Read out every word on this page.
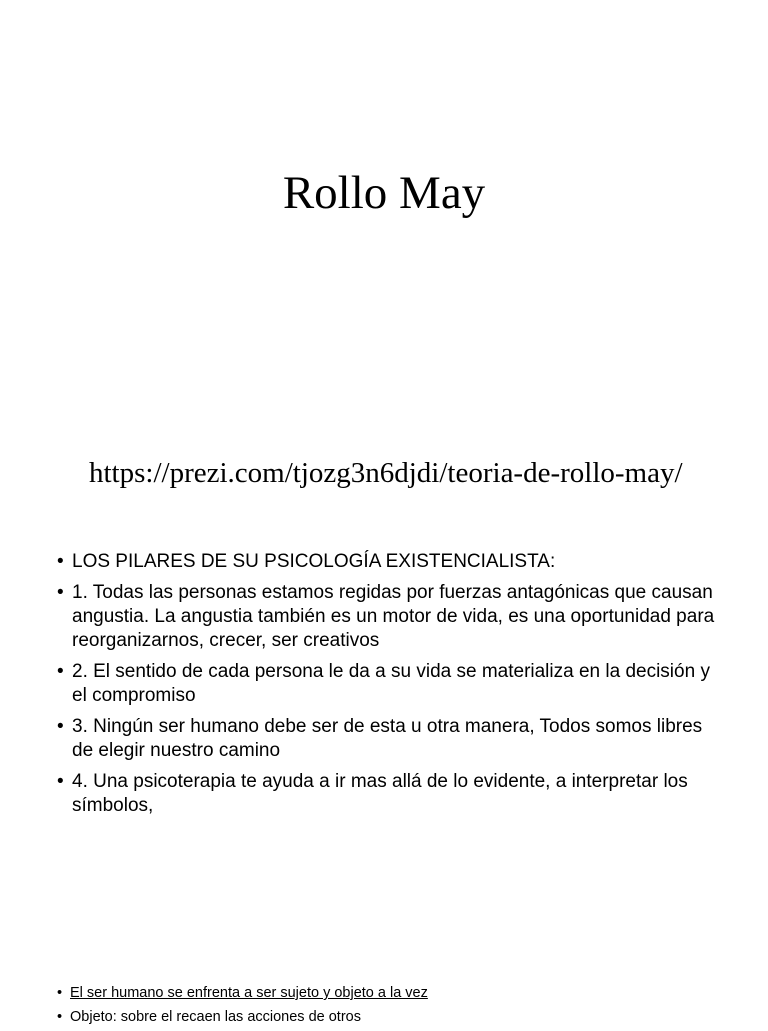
Rollo May
https://prezi.com/tjozg3n6djdi/teoria-de-rollo-may/
• LOS PILARES DE SU PSICOLOGÍA EXISTENCIALISTA:
• 1. Todas las personas estamos regidas por fuerzas antagónicas que causan angustia. La angustia también es un motor de vida, es una oportunidad para reorganizarnos, crecer, ser creativos
• 2. El sentido de cada persona le da a su vida se materializa en la decisión y el compromiso
• 3. Ningún ser humano debe ser de esta u otra manera, Todos somos libres de elegir nuestro camino
• 4. Una psicoterapia te ayuda a ir mas allá de lo evidente, a interpretar los símbolos,
• El ser humano se enfrenta a ser sujeto y objeto a la vez
• Objeto: sobre el recaen las acciones de otros
